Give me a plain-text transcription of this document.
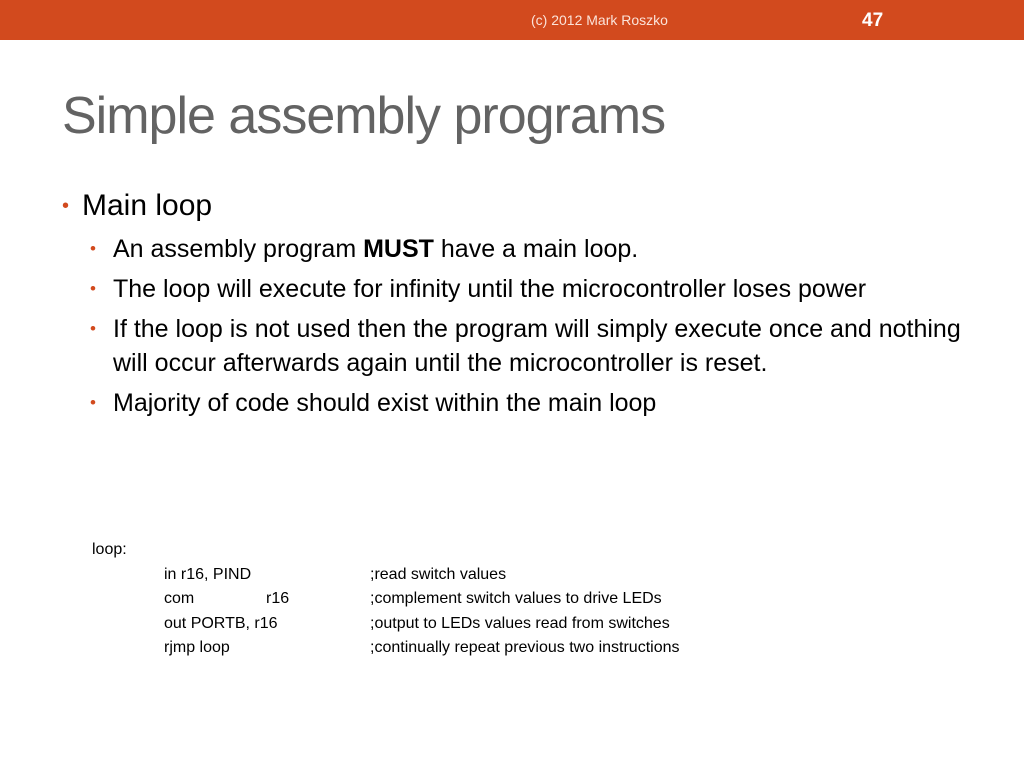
(c) 2012 Mark Roszko	47
Simple assembly programs
• Main loop
• An assembly program MUST have a main loop.
• The loop will execute for infinity until the microcontroller loses power
• If the loop is not used then the program will simply execute once and nothing will occur afterwards again until the microcontroller is reset.
• Majority of code should exist within the main loop
loop:
in r16, PIND	;read switch values
com	r16	;complement switch values to drive LEDs
out PORTB, r16	;output to LEDs values read from switches
rjmp loop	;continually repeat previous two instructions
